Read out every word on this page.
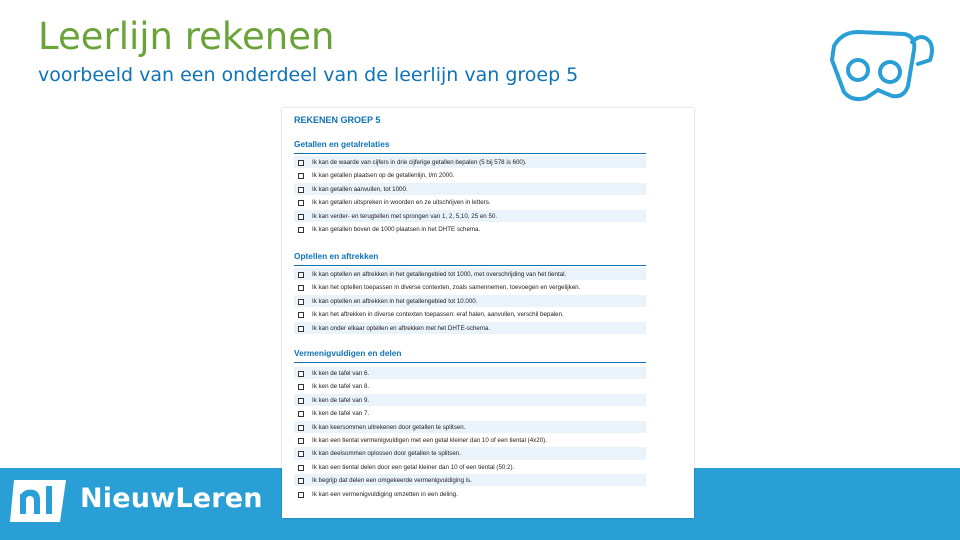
Leerlijn rekenen
voorbeeld van een onderdeel van de leerlijn van groep 5
NieuwLeren
REKENEN GROEP 5
Getallen en getalrelaties
Ik kan de waarde van cijfers in drie cijferige getallen bepalen (5 bij 578 is 600).
Ik kan getallen plaatsen op de getallenlijn, t/m 2000.
Ik kan getallen aanvullen, tot 1000.
Ik kan getallen uitspreken in woorden en ze uitschrijven in letters.
Ik kan verder- en terugtellen met sprongen van 1, 2, 5,10, 25 en 50.
Ik kan getallen boven de 1000 plaatsen in het DHTE schema.
Optellen en aftrekken
Ik kan optellen en aftrekken in het getallengebied tot 1000, met overschrijding van het tiental.
Ik kan het optellen toepassen in diverse contexten, zoals samennemen, toevoegen en vergelijken.
Ik kan optellen en aftrekken in het getallengebied tot 10.000.
Ik kan het aftrekken in diverse contexten toepassen: eraf halen, aanvullen, verschil bepalen.
Ik kan onder elkaar optellen en aftrekken met het DHTE-schema.
Vermenigvuldigen en delen
Ik ken de tafel van 6.
Ik ken de tafel van 8.
Ik ken de tafel van 9.
Ik ken de tafel van 7.
Ik kan keersommen uitrekenen door getallen te splitsen.
Ik kan een tiental vermenigvuldigen met een getal kleiner dan 10 of een tiental (4x20).
Ik kan deelsommen oplossen door getallen te splitsen.
Ik kan een tiental delen door een getal kleiner dan 10 of een tiental (50:2).
Ik begrijp dat delen een omgekeerde vermenigvuldiging is.
Ik kan een vermenigvuldiging omzetten in een deling.
